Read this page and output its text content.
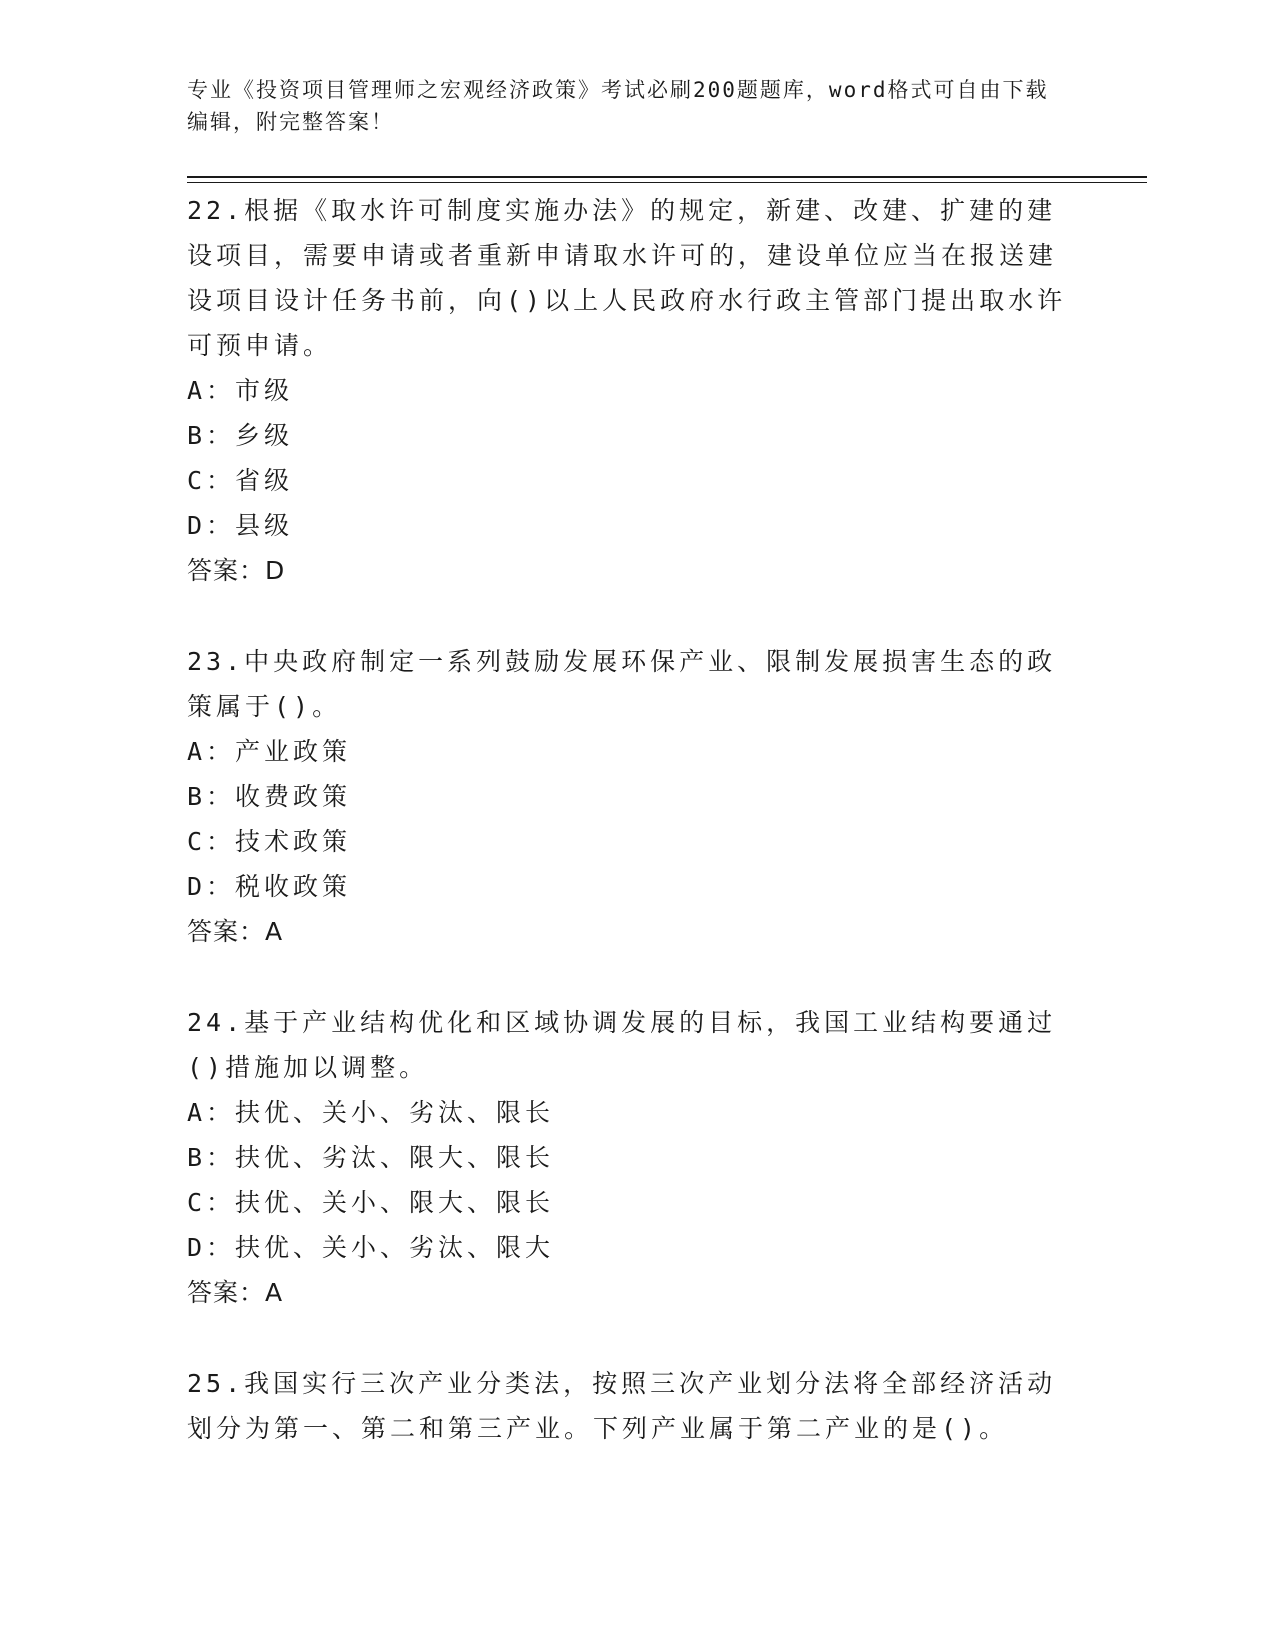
专业《投资项目管理师之宏观经济政策》考试必刷200题题库，word格式可自由下载编辑，附完整答案！

22.根据《取水许可制度实施办法》的规定，新建、改建、扩建的建设项目，需要申请或者重新申请取水许可的，建设单位应当在报送建设项目设计任务书前，向()以上人民政府水行政主管部门提出取水许可预申请。

A：市级

B：乡级

C：省级

D：县级

答案：D

23.中央政府制定一系列鼓励发展环保产业、限制发展损害生态的政策属于()。

A：产业政策

B：收费政策

C：技术政策

D：税收政策

答案：A

24.基于产业结构优化和区域协调发展的目标，我国工业结构要通过()措施加以调整。

A：扶优、关小、劣汰、限长

B：扶优、劣汰、限大、限长

C：扶优、关小、限大、限长

D：扶优、关小、劣汰、限大

答案：A

25.我国实行三次产业分类法，按照三次产业划分法将全部经济活动划分为第一、第二和第三产业。下列产业属于第二产业的是()。
